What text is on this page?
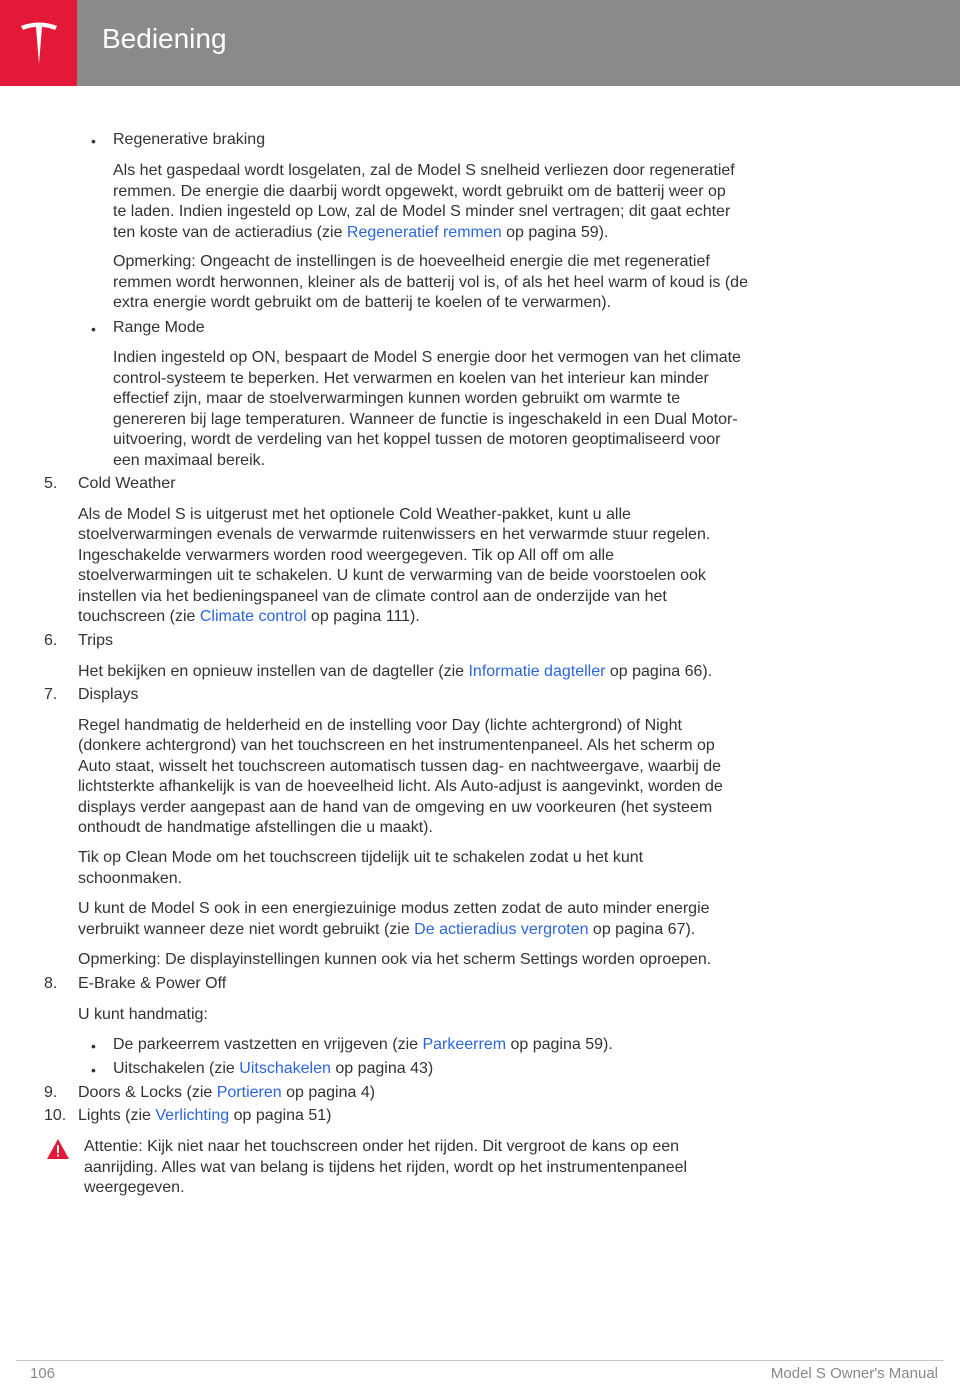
Bediening
• Regenerative braking

Als het gaspedaal wordt losgelaten, zal de Model S snelheid verliezen door regeneratief

remmen. De energie die daarbij wordt opgewekt, wordt gebruikt om de batterij weer op

te laden. Indien ingesteld op Low, zal de Model S minder snel vertragen; dit gaat echter

ten koste van de actieradius (zie Regeneratief remmen op pagina 59).

Opmerking: Ongeacht de instellingen is de hoeveelheid energie die met regeneratief

remmen wordt herwonnen, kleiner als de batterij vol is, of als het heel warm of koud is (de

extra energie wordt gebruikt om de batterij te koelen of te verwarmen).

• Range Mode

Indien ingesteld op ON, bespaart de Model S energie door het vermogen van het climate

control-systeem te beperken. Het verwarmen en koelen van het interieur kan minder

effectief zijn, maar de stoelverwarmingen kunnen worden gebruikt om warmte te

genereren bij lage temperaturen. Wanneer de functie is ingeschakeld in een Dual Motor-

uitvoering, wordt de verdeling van het koppel tussen de motoren geoptimaliseerd voor

een maximaal bereik.

5. Cold Weather

Als de Model S is uitgerust met het optionele Cold Weather-pakket, kunt u alle

stoelverwarmingen evenals de verwarmde ruitenwissers en het verwarmde stuur regelen.

Ingeschakelde verwarmers worden rood weergegeven. Tik op All off om alle

stoelverwarmingen uit te schakelen. U kunt de verwarming van de beide voorstoelen ook

instellen via het bedieningspaneel van de climate control aan de onderzijde van het

touchscreen (zie Climate control op pagina 111).

6. Trips

Het bekijken en opnieuw instellen van de dagteller (zie Informatie dagteller op pagina 66).

7. Displays

Regel handmatig de helderheid en de instelling voor Day (lichte achtergrond) of Night

(donkere achtergrond) van het touchscreen en het instrumentenpaneel. Als het scherm op

Auto staat, wisselt het touchscreen automatisch tussen dag- en nachtweergave, waarbij de

lichtsterkte afhankelijk is van de hoeveelheid licht. Als Auto-adjust is aangevinkt, worden de

displays verder aangepast aan de hand van de omgeving en uw voorkeuren (het systeem

onthoudt de handmatige afstellingen die u maakt).

Tik op Clean Mode om het touchscreen tijdelijk uit te schakelen zodat u het kunt

schoonmaken.

U kunt de Model S ook in een energiezuinige modus zetten zodat de auto minder energie

verbruikt wanneer deze niet wordt gebruikt (zie De actieradius vergroten op pagina 67).

Opmerking: De displayinstellingen kunnen ook via het scherm Settings worden oproepen.

8. E-Brake & Power Off

U kunt handmatig:

• De parkeerrem vastzetten en vrijgeven (zie Parkeerrem op pagina 59).

• Uitschakelen (zie Uitschakelen op pagina 43)

9. Doors & Locks (zie Portieren op pagina 4)

10. Lights (zie Verlichting op pagina 51)

Attentie: Kijk niet naar het touchscreen onder het rijden. Dit vergroot de kans op een

aanrijding. Alles wat van belang is tijdens het rijden, wordt op het instrumentenpaneel

weergegeven.

106	Model S Owner's Manual
